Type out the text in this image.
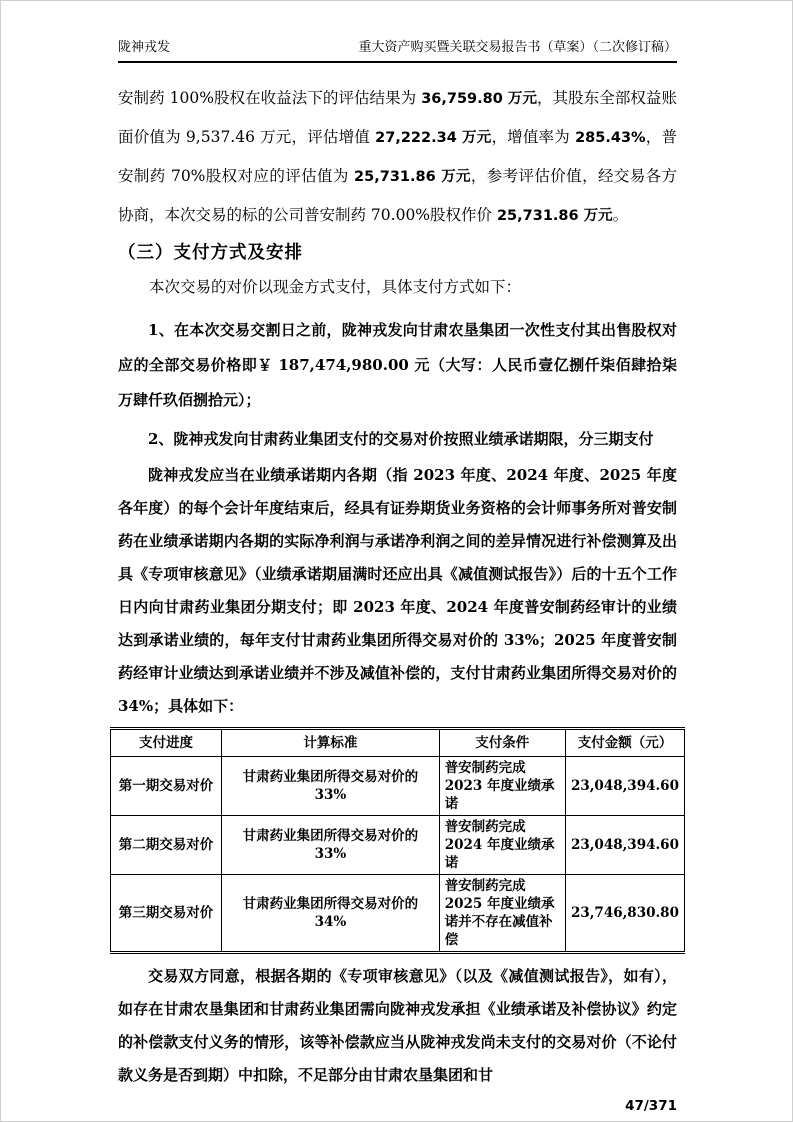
陇神戎发	重大资产购买暨关联交易报告书（草案）（二次修订稿）

安制药 100%股权在收益法下的评估结果为 36,759.80 万元，其股东全部权益账面价值为 9,537.46 万元，评估增值 27,222.34 万元，增值率为 285.43%，普安制药 70%股权对应的评估值为 25,731.86 万元，参考评估价值，经交易各方协商，本次交易的标的公司普安制药 70.00%股权作价 25,731.86 万元。

（三）支付方式及安排

本次交易的对价以现金方式支付，具体支付方式如下：

1、在本次交易交割日之前，陇神戎发向甘肃农垦集团一次性支付其出售股权对应的全部交易价格即￥ 187,474,980.00 元（大写：人民币壹亿捌仟柒佰肆拾柒万肆仟玖佰捌拾元）；

2、陇神戎发向甘肃药业集团支付的交易对价按照业绩承诺期限，分三期支付

陇神戎发应当在业绩承诺期内各期（指 2023 年度、2024 年度、2025 年度各年度）的每个会计年度结束后，经具有证券期货业务资格的会计师事务所对普安制药在业绩承诺期内各期的实际净利润与承诺净利润之间的差异情况进行补偿测算及出具《专项审核意见》（业绩承诺期届满时还应出具《减值测试报告》）后的十五个工作日内向甘肃药业集团分期支付；即 2023 年度、2024 年度普安制药经审计的业绩达到承诺业绩的，每年支付甘肃药业集团所得交易对价的 33%；2025 年度普安制药经审计业绩达到承诺业绩并不涉及减值补偿的，支付甘肃药业集团所得交易对价的 34%；具体如下：

支付进度	计算标准	支付条件	支付金额（元）
第一期交易对价	甘肃药业集团所得交易对价的 33%	普安制药完成 2023 年度业绩承诺	23,048,394.60
第二期交易对价	甘肃药业集团所得交易对价的 33%	普安制药完成 2024 年度业绩承诺	23,048,394.60
第三期交易对价	甘肃药业集团所得交易对价的 34%	普安制药完成 2025 年度业绩承诺并不存在减值补偿	23,746,830.80

交易双方同意，根据各期的《专项审核意见》（以及《减值测试报告》，如有），如存在甘肃农垦集团和甘肃药业集团需向陇神戎发承担《业绩承诺及补偿协议》约定的补偿款支付义务的情形，该等补偿款应当从陇神戎发尚未支付的交易对价（不论付款义务是否到期）中扣除，不足部分由甘肃农垦集团和甘

47/371
